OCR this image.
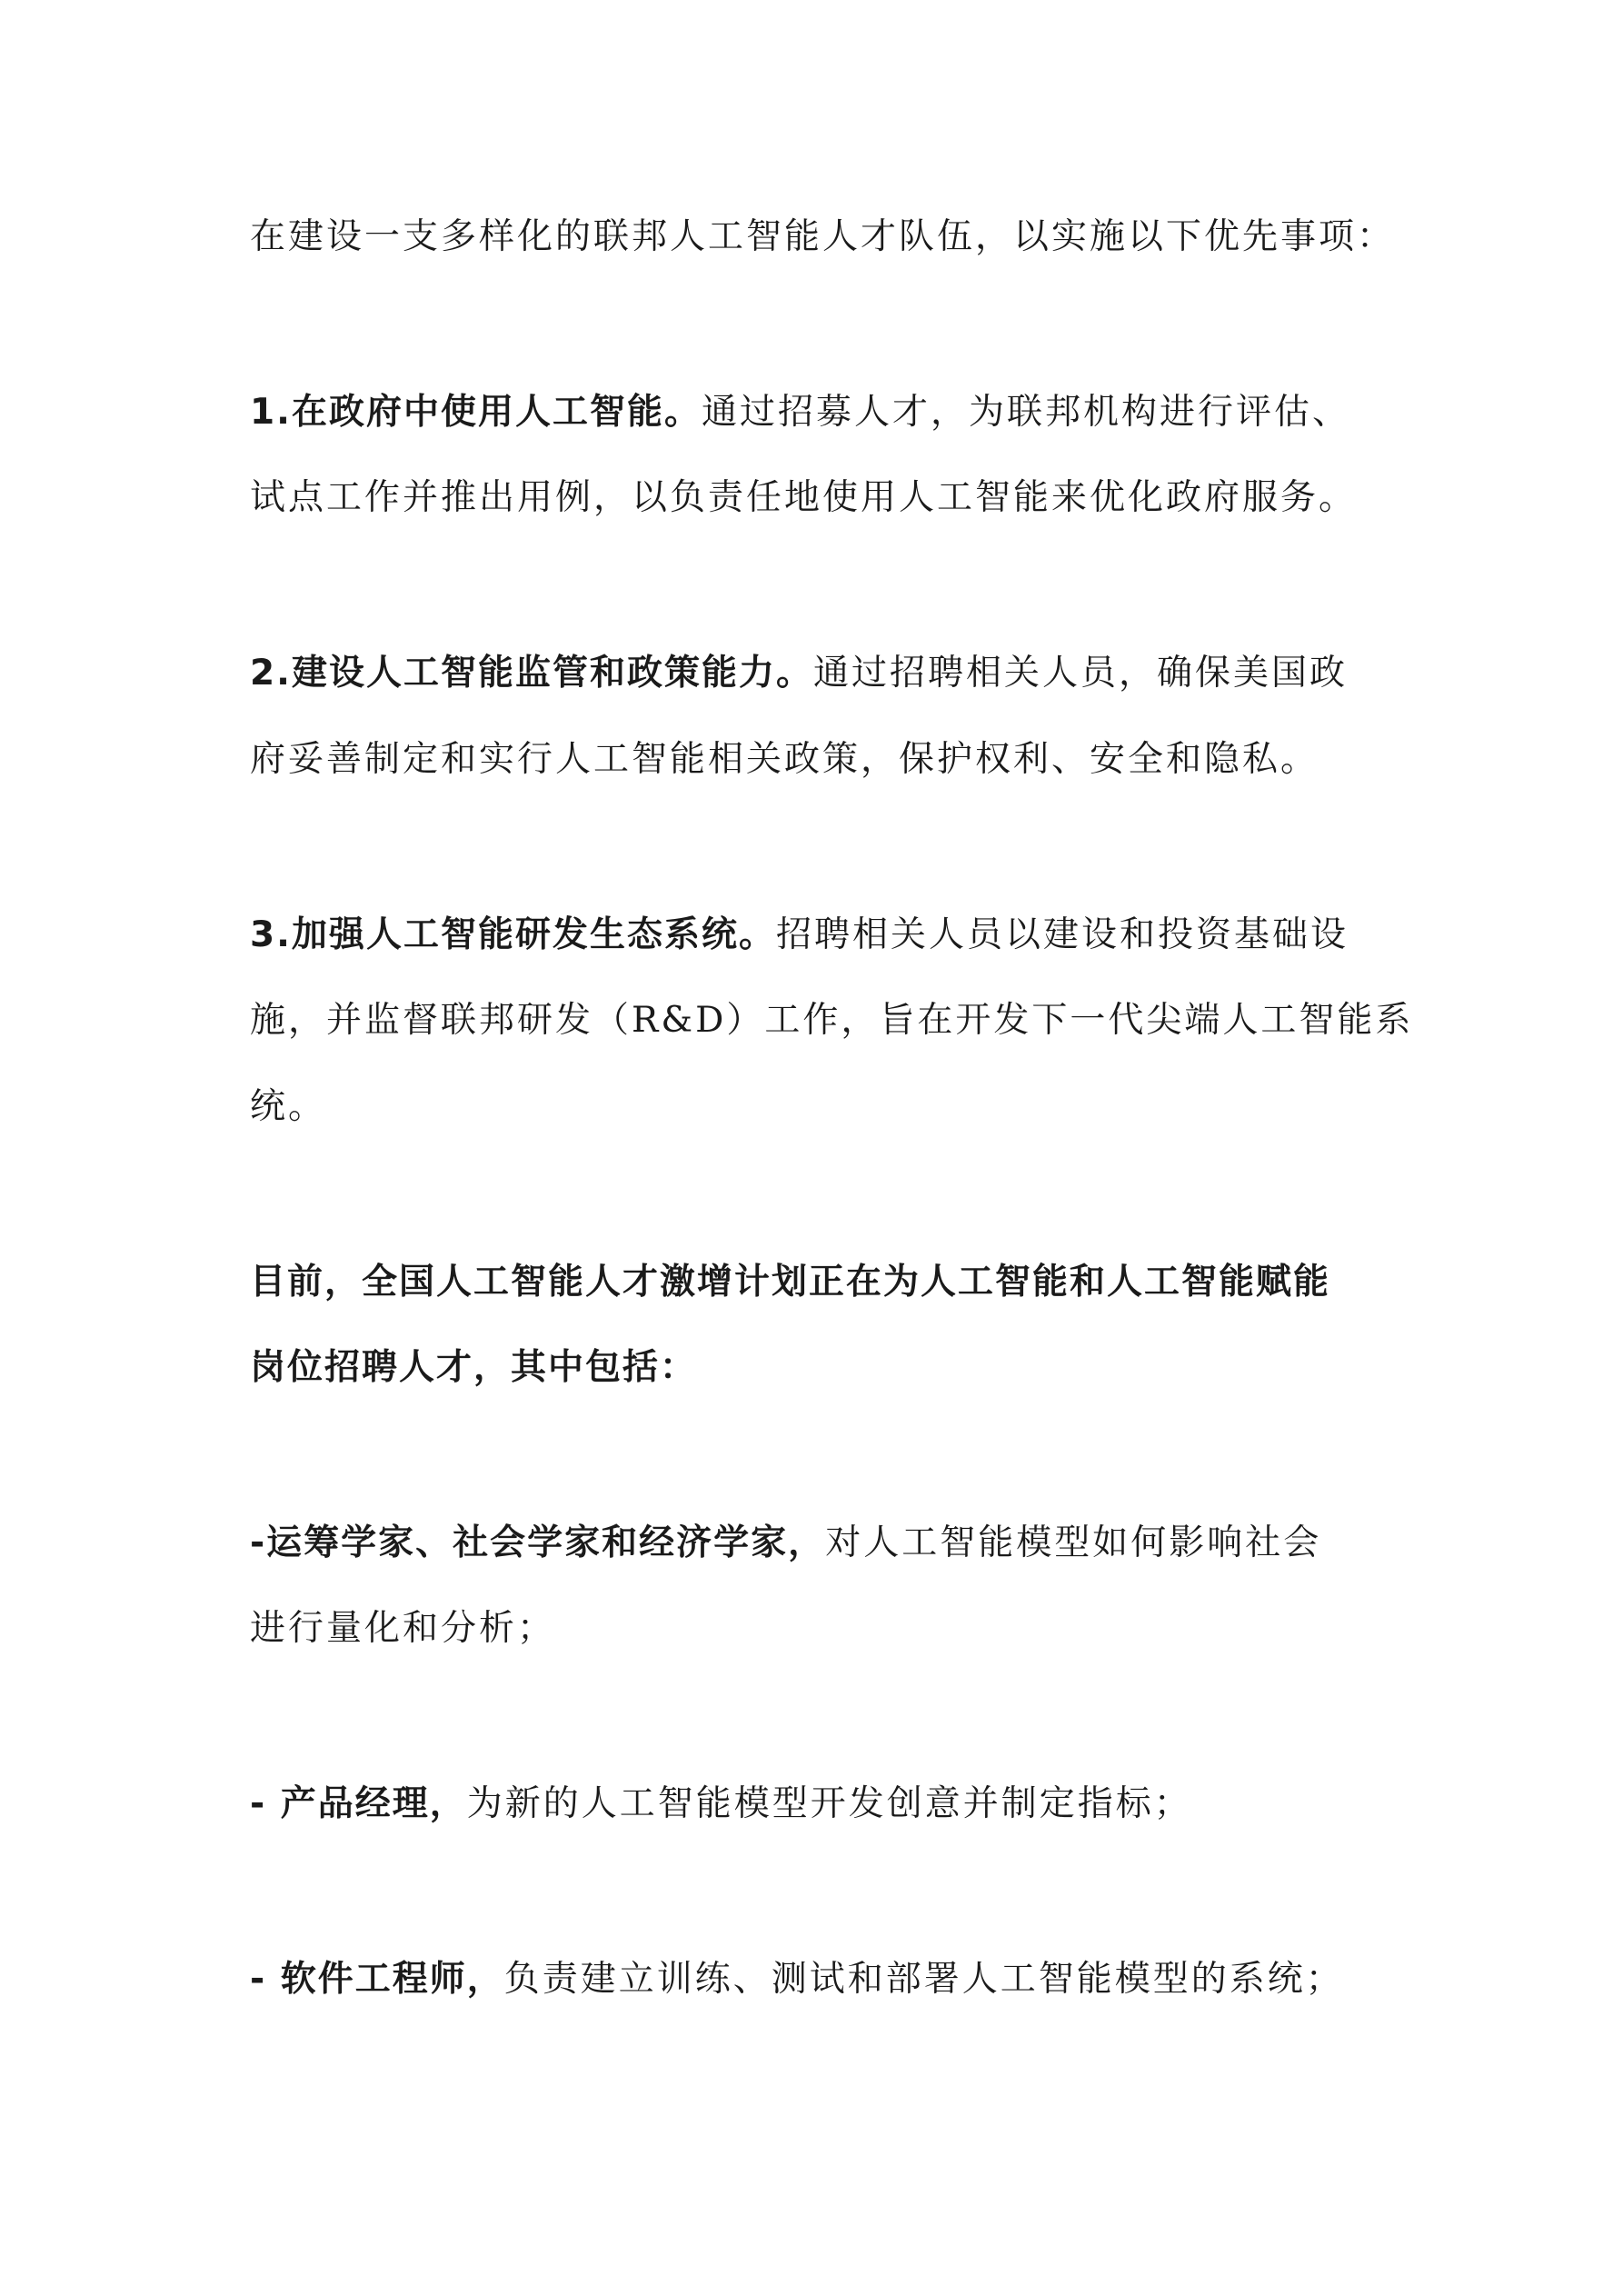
在建设一支多样化的联邦人工智能人才队伍，以实施以下优先事项：
1.在政府中使用人工智能。通过招募人才，为联邦机构进行评估、
试点工作并推出用例，以负责任地使用人工智能来优化政府服务。
2.建设人工智能监管和政策能力。通过招聘相关人员，确保美国政
府妥善制定和实行人工智能相关政策，保护权利、安全和隐私。
3.加强人工智能研发生态系统。招聘相关人员以建设和投资基础设
施，并监督联邦研发（R&D）工作，旨在开发下一代尖端人工智能系
统。
目前，全国人工智能人才激增计划正在为人工智能和人工智能赋能
岗位招聘人才，其中包括：
-运筹学家、社会学家和经济学家，对人工智能模型如何影响社会
进行量化和分析；
- 产品经理，为新的人工智能模型开发创意并制定指标；
- 软件工程师，负责建立训练、测试和部署人工智能模型的系统；
